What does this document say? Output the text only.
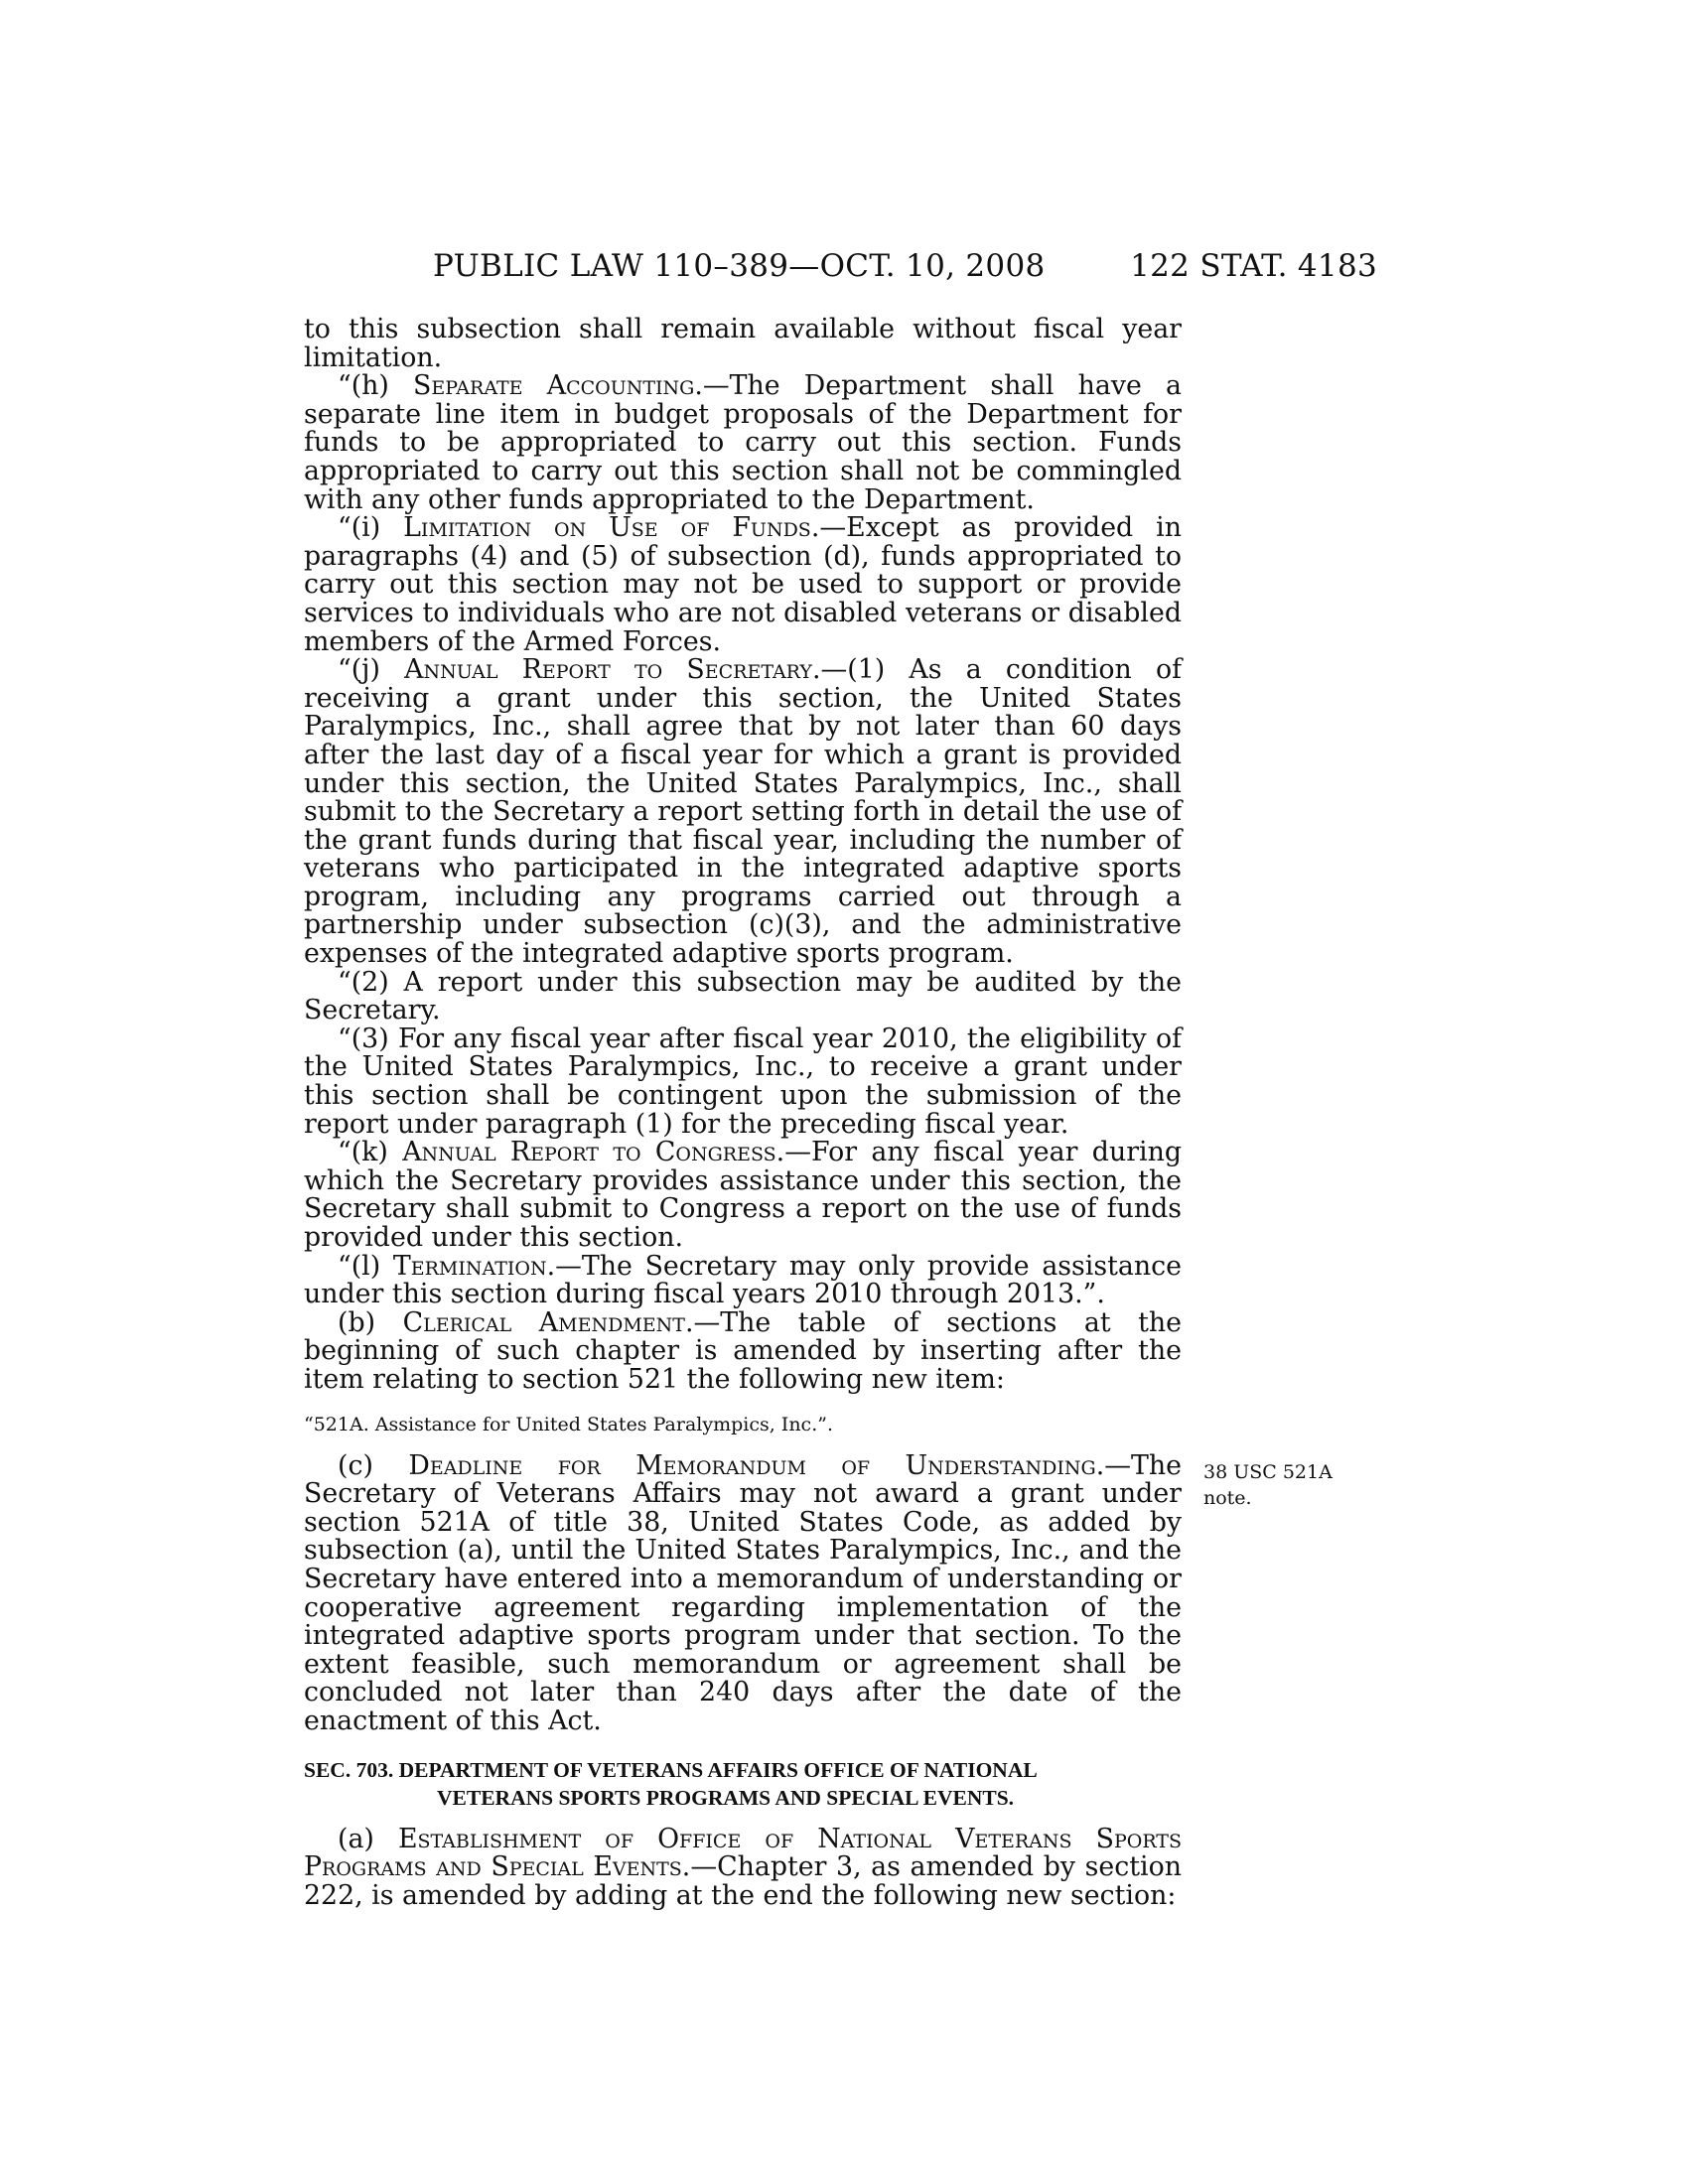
PUBLIC LAW 110–389—OCT. 10, 2008	122 STAT. 4183
38 USC 521A
note.

to this subsection shall remain available without fiscal year limitation.

“(h) Separate Accounting.—The Department shall have a separate line item in budget proposals of the Department for funds to be appropriated to carry out this section. Funds appropriated to carry out this section shall not be commingled with any other funds appropriated to the Department.

“(i) Limitation on Use of Funds.—Except as provided in paragraphs (4) and (5) of subsection (d), funds appropriated to carry out this section may not be used to support or provide services to individuals who are not disabled veterans or disabled members of the Armed Forces.

“(j) Annual Report to Secretary.—(1) As a condition of receiving a grant under this section, the United States Paralympics, Inc., shall agree that by not later than 60 days after the last day of a fiscal year for which a grant is provided under this section, the United States Paralympics, Inc., shall submit to the Secretary a report setting forth in detail the use of the grant funds during that fiscal year, including the number of veterans who participated in the integrated adaptive sports program, including any programs carried out through a partnership under subsection (c)(3), and the administrative expenses of the integrated adaptive sports program.

“(2) A report under this subsection may be audited by the Secretary.

“(3) For any fiscal year after fiscal year 2010, the eligibility of the United States Paralympics, Inc., to receive a grant under this section shall be contingent upon the submission of the report under paragraph (1) for the preceding fiscal year.

“(k) Annual Report to Congress.—For any fiscal year during which the Secretary provides assistance under this section, the Secretary shall submit to Congress a report on the use of funds provided under this section.

“(l) Termination.—The Secretary may only provide assistance under this section during fiscal years 2010 through 2013.”.

(b) Clerical Amendment.—The table of sections at the beginning of such chapter is amended by inserting after the item relating to section 521 the following new item:

“521A. Assistance for United States Paralympics, Inc.”.

(c) Deadline for Memorandum of Understanding.—The Secretary of Veterans Affairs may not award a grant under section 521A of title 38, United States Code, as added by subsection (a), until the United States Paralympics, Inc., and the Secretary have entered into a memorandum of understanding or cooperative agreement regarding implementation of the integrated adaptive sports program under that section. To the extent feasible, such memorandum or agreement shall be concluded not later than 240 days after the date of the enactment of this Act.

SEC. 703. DEPARTMENT OF VETERANS AFFAIRS OFFICE OF NATIONAL
VETERANS SPORTS PROGRAMS AND SPECIAL EVENTS.

(a) Establishment of Office of National Veterans Sports Programs and Special Events.—Chapter 3, as amended by section 222, is amended by adding at the end the following new section:
